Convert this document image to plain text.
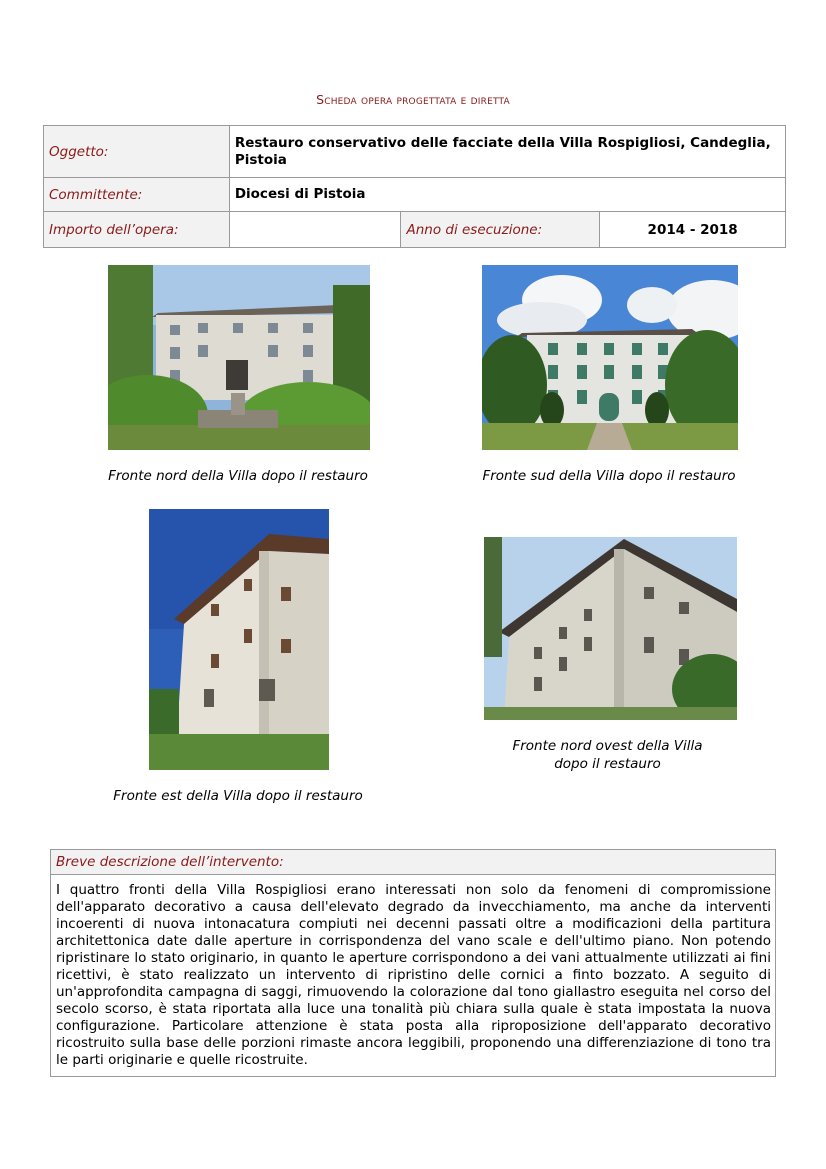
Scheda opera progettata e diretta
Oggetto:	Restauro conservativo delle facciate della Villa Rospigliosi, Candeglia, Pistoia		
Committente:	Diocesi di Pistoia		
Importo dell’opera:		Anno di esecuzione:	2014 - 2018
Fronte nord della Villa dopo il restauro	Fronte sud della Villa dopo il restauro
Fronte est della Villa dopo il restauro
Fronte nord ovest della Villa
dopo il restauro
Breve descrizione dell’intervento:
I quattro fronti della Villa Rospigliosi erano interessati non solo da fenomeni di compromissione dell'apparato decorativo a causa dell'elevato degrado da invecchiamento, ma anche da interventi incoerenti di nuova intonacatura compiuti nei decenni passati oltre a modificazioni della partitura architettonica date dalle aperture in corrispondenza del vano scale e dell'ultimo piano. Non potendo ripristinare lo stato originario, in quanto le aperture corrispondono a dei vani attualmente utilizzati ai fini ricettivi, è stato realizzato un intervento di ripristino delle cornici a finto bozzato. A seguito di un'approfondita campagna di saggi, rimuovendo la colorazione dal tono giallastro eseguita nel corso del secolo scorso, è stata riportata alla luce una tonalità più chiara sulla quale è stata impostata la nuova configurazione. Particolare attenzione è stata posta alla riproposizione dell'apparato decorativo ricostruito sulla base delle porzioni rimaste ancora leggibili, proponendo una differenziazione di tono tra le parti originarie e quelle ricostruite.
